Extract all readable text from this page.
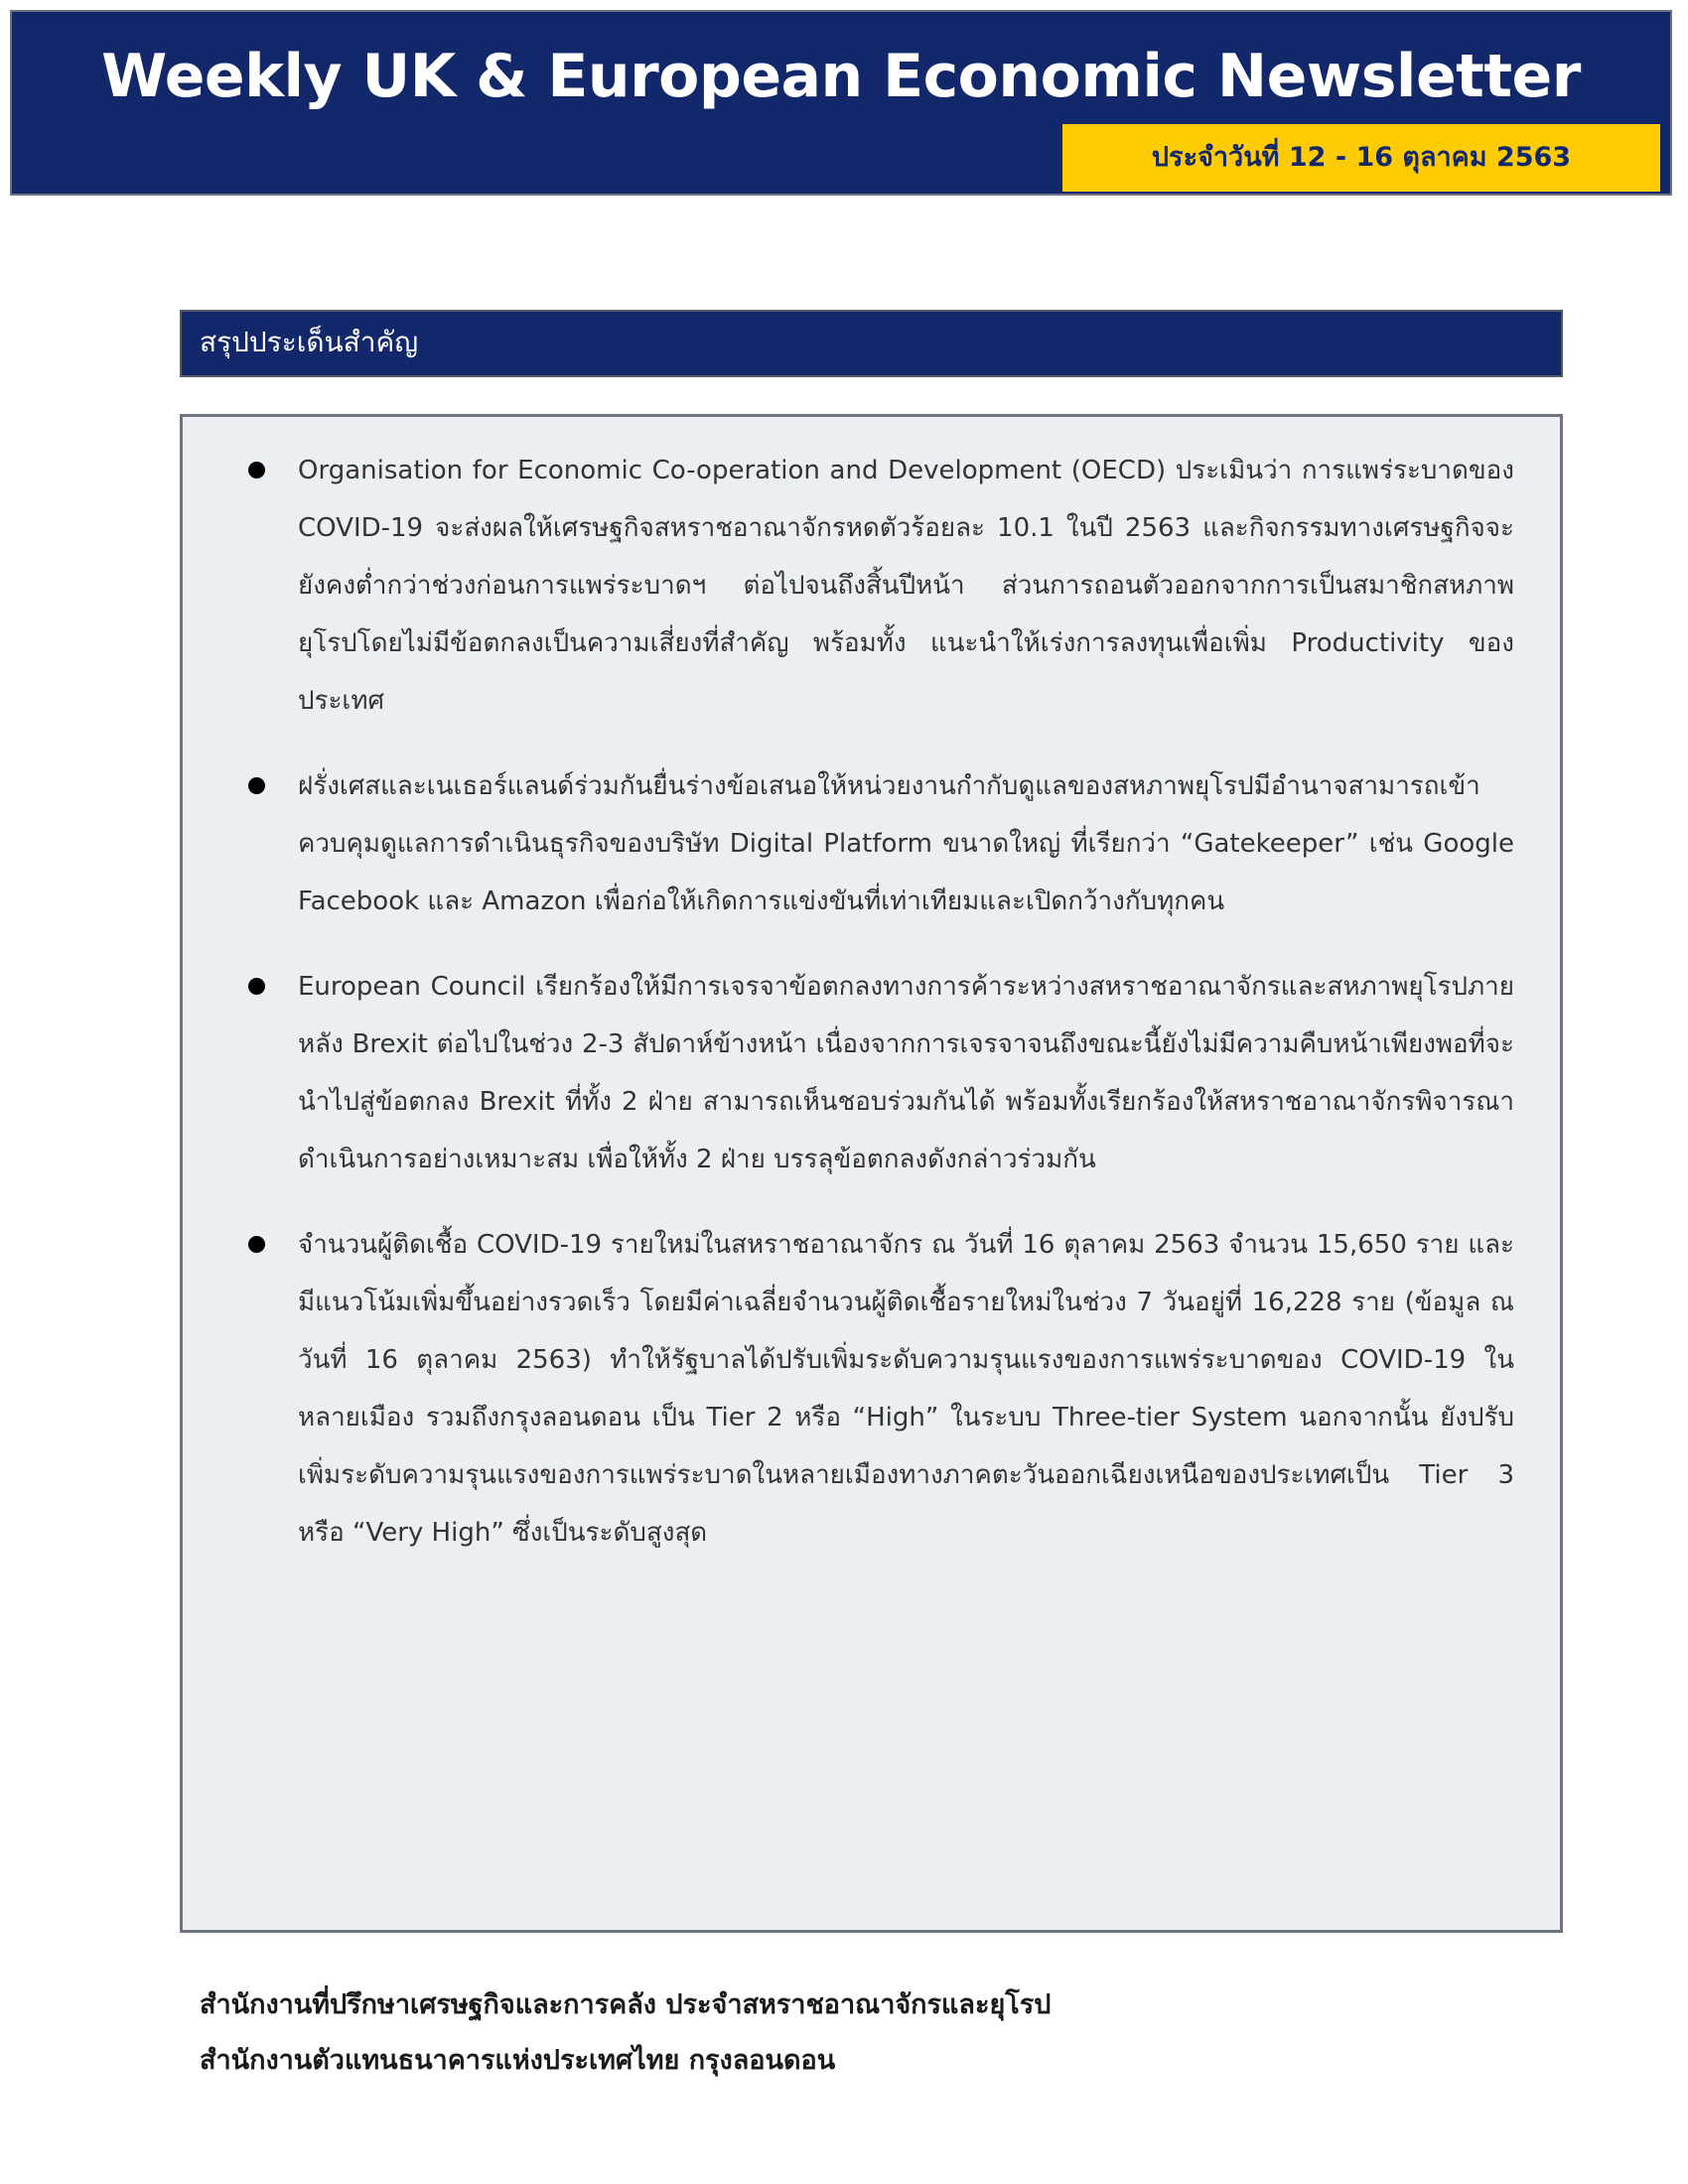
Weekly UK & European Economic Newsletter
ประจำวันที่ 12 - 16 ตุลาคม 2563
สรุปประเด็นสำคัญ
Organisation for Economic Co-operation and Development (OECD) ประเมินว่า การแพร่ระบาดของ COVID-19 จะส่งผลให้เศรษฐกิจสหราชอาณาจักรหดตัวร้อยละ 10.1 ในปี 2563 และกิจกรรมทางเศรษฐกิจจะยังคงต่ำกว่าช่วงก่อนการแพร่ระบาดฯ ต่อไปจนถึงสิ้นปีหน้า ส่วนการถอนตัวออกจากการเป็นสมาชิกสหภาพยุโรปโดยไม่มีข้อตกลงเป็นความเสี่ยงที่สำคัญ พร้อมทั้ง แนะนำให้เร่งการลงทุนเพื่อเพิ่ม Productivity ของประเทศ
ฝรั่งเศสและเนเธอร์แลนด์ร่วมกันยื่นร่างข้อเสนอให้หน่วยงานกำกับดูแลของสหภาพยุโรปมีอำนาจสามารถเข้าควบคุมดูแลการดำเนินธุรกิจของบริษัท Digital Platform ขนาดใหญ่ ที่เรียกว่า “Gatekeeper” เช่น Google Facebook และ Amazon เพื่อก่อให้เกิดการแข่งขันที่เท่าเทียมและเปิดกว้างกับทุกคน
European Council เรียกร้องให้มีการเจรจาข้อตกลงทางการค้าระหว่างสหราชอาณาจักรและสหภาพยุโรปภายหลัง Brexit ต่อไปในช่วง 2-3 สัปดาห์ข้างหน้า เนื่องจากการเจรจาจนถึงขณะนี้ยังไม่มีความคืบหน้าเพียงพอที่จะนำไปสู่ข้อตกลง Brexit ที่ทั้ง 2 ฝ่าย สามารถเห็นชอบร่วมกันได้ พร้อมทั้งเรียกร้องให้สหราชอาณาจักรพิจารณาดำเนินการอย่างเหมาะสม เพื่อให้ทั้ง 2 ฝ่าย บรรลุข้อตกลงดังกล่าวร่วมกัน
จำนวนผู้ติดเชื้อ COVID-19 รายใหม่ในสหราชอาณาจักร ณ วันที่ 16 ตุลาคม 2563 จำนวน 15,650 ราย และมีแนวโน้มเพิ่มขึ้นอย่างรวดเร็ว โดยมีค่าเฉลี่ยจำนวนผู้ติดเชื้อรายใหม่ในช่วง 7 วันอยู่ที่ 16,228 ราย (ข้อมูล ณ วันที่ 16 ตุลาคม 2563) ทำให้รัฐบาลได้ปรับเพิ่มระดับความรุนแรงของการแพร่ระบาดของ COVID-19 ในหลายเมือง รวมถึงกรุงลอนดอน เป็น Tier 2 หรือ “High” ในระบบ Three-tier System นอกจากนั้น ยังปรับเพิ่มระดับความรุนแรงของการแพร่ระบาดในหลายเมืองทางภาคตะวันออกเฉียงเหนือของประเทศเป็น Tier 3 หรือ “Very High” ซึ่งเป็นระดับสูงสุด
สำนักงานที่ปรึกษาเศรษฐกิจและการคลัง ประจำสหราชอาณาจักรและยุโรป
สำนักงานตัวแทนธนาคารแห่งประเทศไทย กรุงลอนดอน
